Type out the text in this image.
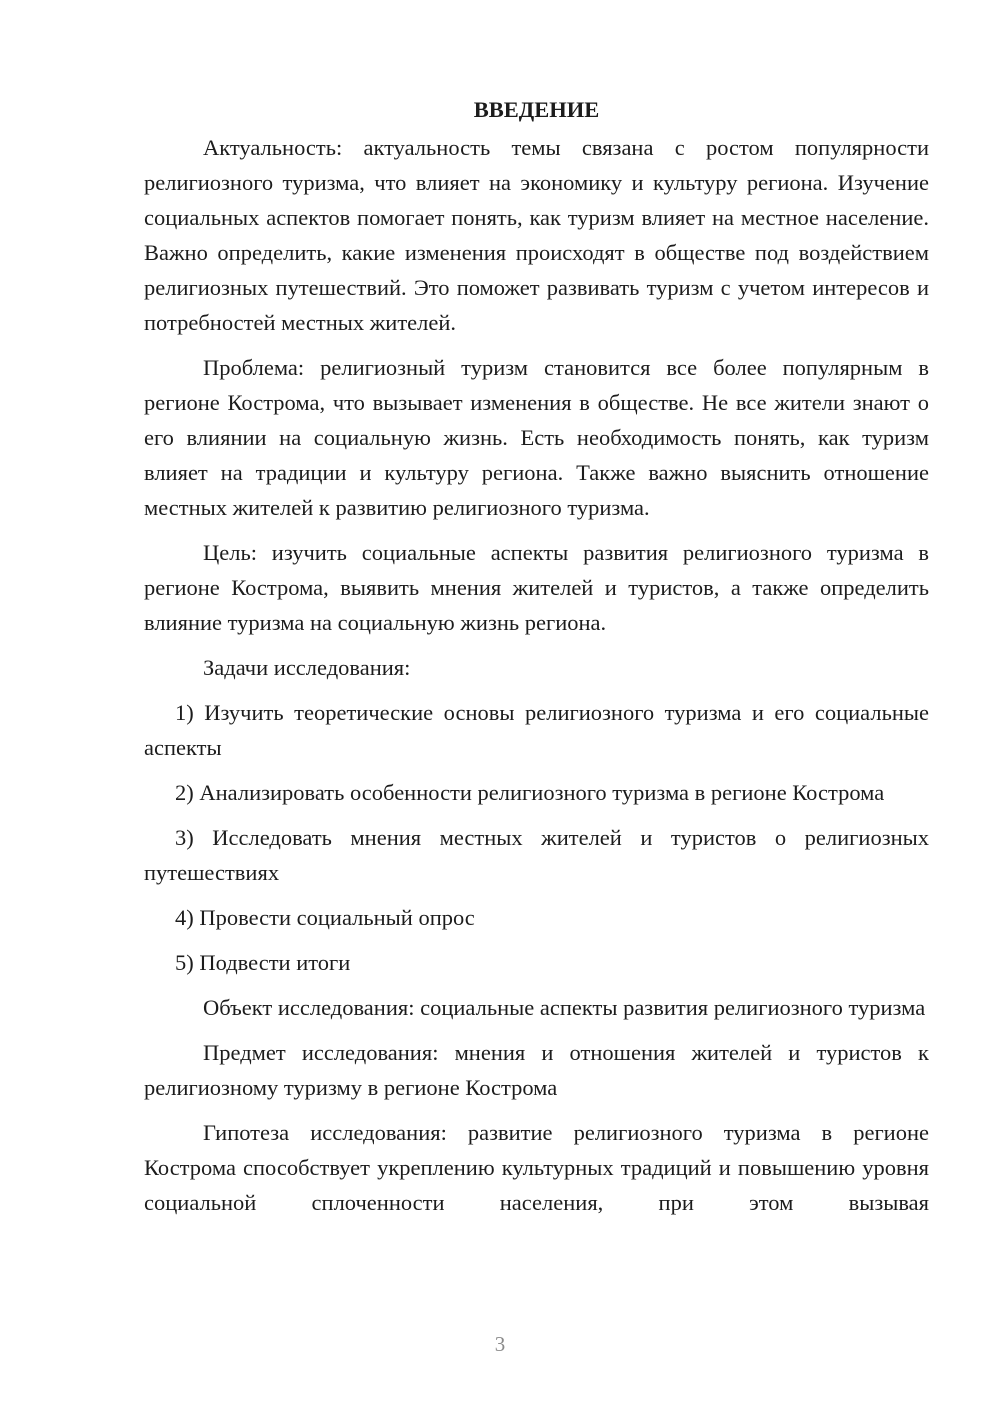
ВВЕДЕНИЕ

Актуальность: актуальность темы связана с ростом популярности религиозного туризма, что влияет на экономику и культуру региона. Изучение социальных аспектов помогает понять, как туризм влияет на местное население. Важно определить, какие изменения происходят в обществе под воздействием религиозных путешествий. Это поможет развивать туризм с учетом интересов и потребностей местных жителей.

Проблема: религиозный туризм становится все более популярным в регионе Кострома, что вызывает изменения в обществе. Не все жители знают о его влиянии на социальную жизнь. Есть необходимость понять, как туризм влияет на традиции и культуру региона. Также важно выяснить отношение местных жителей к развитию религиозного туризма.

Цель: изучить социальные аспекты развития религиозного туризма в регионе Кострома, выявить мнения жителей и туристов, а также определить влияние туризма на социальную жизнь региона.

Задачи исследования:

1) Изучить теоретические основы религиозного туризма и его социальные аспекты

2) Анализировать особенности религиозного туризма в регионе Кострома

3) Исследовать мнения местных жителей и туристов о религиозных путешествиях

4) Провести социальный опрос

5) Подвести итоги

Объект исследования: социальные аспекты развития религиозного туризма

Предмет исследования: мнения и отношения жителей и туристов к религиозному туризму в регионе Кострома

Гипотеза исследования: развитие религиозного туризма в регионе Кострома способствует укреплению культурных традиций и повышению уровня социальной сплоченности населения, при этом вызывая

3
